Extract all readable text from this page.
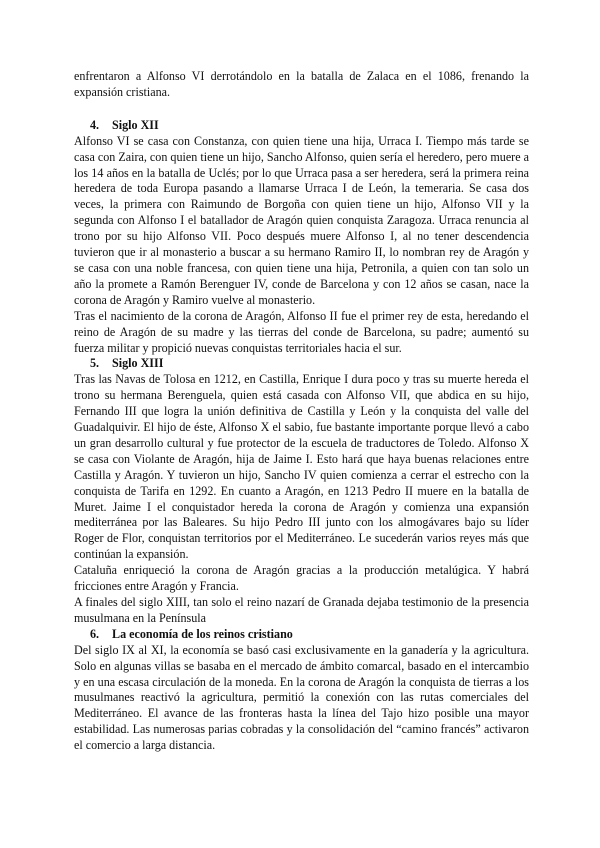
enfrentaron a Alfonso VI derrotándolo en la batalla de Zalaca en el 1086, frenando la expansión cristiana.

4. Siglo XII

Alfonso VI se casa con Constanza, con quien tiene una hija, Urraca I. Tiempo más tarde se casa con Zaira, con quien tiene un hijo, Sancho Alfonso, quien sería el heredero, pero muere a los 14 años en la batalla de Uclés; por lo que Urraca pasa a ser heredera, será la primera reina heredera de toda Europa pasando a llamarse Urraca I de León, la temeraria. Se casa dos veces, la primera con Raimundo de Borgoña con quien tiene un hijo, Alfonso VII y la segunda con Alfonso I el batallador de Aragón quien conquista Zaragoza. Urraca renuncia al trono por su hijo Alfonso VII. Poco después muere Alfonso I, al no tener descendencia tuvieron que ir al monasterio a buscar a su hermano Ramiro II, lo nombran rey de Aragón y se casa con una noble francesa, con quien tiene una hija, Petronila, a quien con tan solo un año la promete a Ramón Berenguer IV, conde de Barcelona y con 12 años se casan, nace la corona de Aragón y Ramiro vuelve al monasterio.

Tras el nacimiento de la corona de Aragón, Alfonso II fue el primer rey de esta, heredando el reino de Aragón de su madre y las tierras del conde de Barcelona, su padre; aumentó su fuerza militar y propició nuevas conquistas territoriales hacia el sur.

5. Siglo XIII

Tras las Navas de Tolosa en 1212, en Castilla, Enrique I dura poco y tras su muerte hereda el trono su hermana Berenguela, quien está casada con Alfonso VII, que abdica en su hijo, Fernando III que logra la unión definitiva de Castilla y León y la conquista del valle del Guadalquivir. El hijo de éste, Alfonso X el sabio, fue bastante importante porque llevó a cabo un gran desarrollo cultural y fue protector de la escuela de traductores de Toledo. Alfonso X se casa con Violante de Aragón, hija de Jaime I. Esto hará que haya buenas relaciones entre Castilla y Aragón. Y tuvieron un hijo, Sancho IV quien comienza a cerrar el estrecho con la conquista de Tarifa en 1292. En cuanto a Aragón, en 1213 Pedro II muere en la batalla de Muret. Jaime I el conquistador hereda la corona de Aragón y comienza una expansión mediterránea por las Baleares. Su hijo Pedro III junto con los almogávares bajo su líder Roger de Flor, conquistan territorios por el Mediterráneo. Le sucederán varios reyes más que continúan la expansión.

Cataluña enriqueció la corona de Aragón gracias a la producción metalúgica. Y habrá fricciones entre Aragón y Francia.

A finales del siglo XIII, tan solo el reino nazarí de Granada dejaba testimonio de la presencia musulmana en la Península

6. La economía de los reinos cristiano

Del siglo IX al XI, la economía se basó casi exclusivamente en la ganadería y la agricultura. Solo en algunas villas se basaba en el mercado de ámbito comarcal, basado en el intercambio y en una escasa circulación de la moneda. En la corona de Aragón la conquista de tierras a los musulmanes reactivó la agricultura, permitió la conexión con las rutas comerciales del Mediterráneo. El avance de las fronteras hasta la línea del Tajo hizo posible una mayor estabilidad. Las numerosas parias cobradas y la consolidación del “camino francés” activaron el comercio a larga distancia.
